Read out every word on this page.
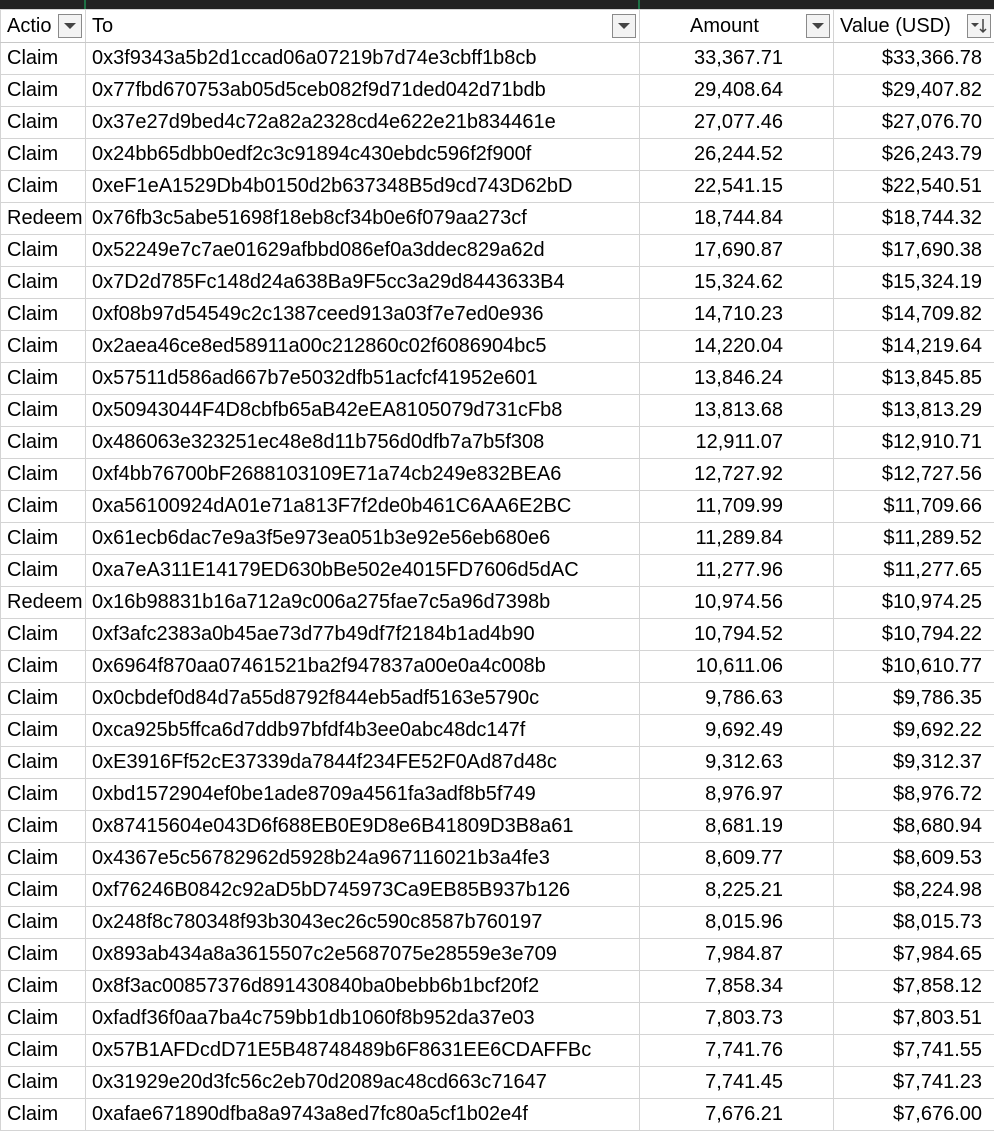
Actio	To	Amount	Value (USD)

Claim	0x3f9343a5b2d1ccad06a07219b7d74e3cbff1b8cb	33,367.71	$33,366.78
Claim	0x77fbd670753ab05d5ceb082f9d71ded042d71bdb	29,408.64	$29,407.82
Claim	0x37e27d9bed4c72a82a2328cd4e622e21b834461e	27,077.46	$27,076.70
Claim	0x24bb65dbb0edf2c3c91894c430ebdc596f2f900f	26,244.52	$26,243.79
Claim	0xeF1eA1529Db4b0150d2b637348B5d9cd743D62bD	22,541.15	$22,540.51
Redeem	0x76fb3c5abe51698f18eb8cf34b0e6f079aa273cf	18,744.84	$18,744.32
Claim	0x52249e7c7ae01629afbbd086ef0a3ddec829a62d	17,690.87	$17,690.38
Claim	0x7D2d785Fc148d24a638Ba9F5cc3a29d8443633B4	15,324.62	$15,324.19
Claim	0xf08b97d54549c2c1387ceed913a03f7e7ed0e936	14,710.23	$14,709.82
Claim	0x2aea46ce8ed58911a00c212860c02f6086904bc5	14,220.04	$14,219.64
Claim	0x57511d586ad667b7e5032dfb51acfcf41952e601	13,846.24	$13,845.85
Claim	0x50943044F4D8cbfb65aB42eEA8105079d731cFb8	13,813.68	$13,813.29
Claim	0x486063e323251ec48e8d11b756d0dfb7a7b5f308	12,911.07	$12,910.71
Claim	0xf4bb76700bF2688103109E71a74cb249e832BEA6	12,727.92	$12,727.56
Claim	0xa56100924dA01e71a813F7f2de0b461C6AA6E2BC	11,709.99	$11,709.66
Claim	0x61ecb6dac7e9a3f5e973ea051b3e92e56eb680e6	11,289.84	$11,289.52
Claim	0xa7eA311E14179ED630bBe502e4015FD7606d5dAC	11,277.96	$11,277.65
Redeem	0x16b98831b16a712a9c006a275fae7c5a96d7398b	10,974.56	$10,974.25
Claim	0xf3afc2383a0b45ae73d77b49df7f2184b1ad4b90	10,794.52	$10,794.22
Claim	0x6964f870aa07461521ba2f947837a00e0a4c008b	10,611.06	$10,610.77
Claim	0x0cbdef0d84d7a55d8792f844eb5adf5163e5790c	9,786.63	$9,786.35
Claim	0xca925b5ffca6d7ddb97bfdf4b3ee0abc48dc147f	9,692.49	$9,692.22
Claim	0xE3916Ff52cE37339da7844f234FE52F0Ad87d48c	9,312.63	$9,312.37
Claim	0xbd1572904ef0be1ade8709a4561fa3adf8b5f749	8,976.97	$8,976.72
Claim	0x87415604e043D6f688EB0E9D8e6B41809D3B8a61	8,681.19	$8,680.94
Claim	0x4367e5c56782962d5928b24a967116021b3a4fe3	8,609.77	$8,609.53
Claim	0xf76246B0842c92aD5bD745973Ca9EB85B937b126	8,225.21	$8,224.98
Claim	0x248f8c780348f93b3043ec26c590c8587b760197	8,015.96	$8,015.73
Claim	0x893ab434a8a3615507c2e5687075e28559e3e709	7,984.87	$7,984.65
Claim	0x8f3ac00857376d891430840ba0bebb6b1bcf20f2	7,858.34	$7,858.12
Claim	0xfadf36f0aa7ba4c759bb1db1060f8b952da37e03	7,803.73	$7,803.51
Claim	0x57B1AFDcdD71E5B48748489b6F8631EE6CDAFFBc	7,741.76	$7,741.55
Claim	0x31929e20d3fc56c2eb70d2089ac48cd663c71647	7,741.45	$7,741.23
Claim	0xafae671890dfba8a9743a8ed7fc80a5cf1b02e4f	7,676.21	$7,676.00
